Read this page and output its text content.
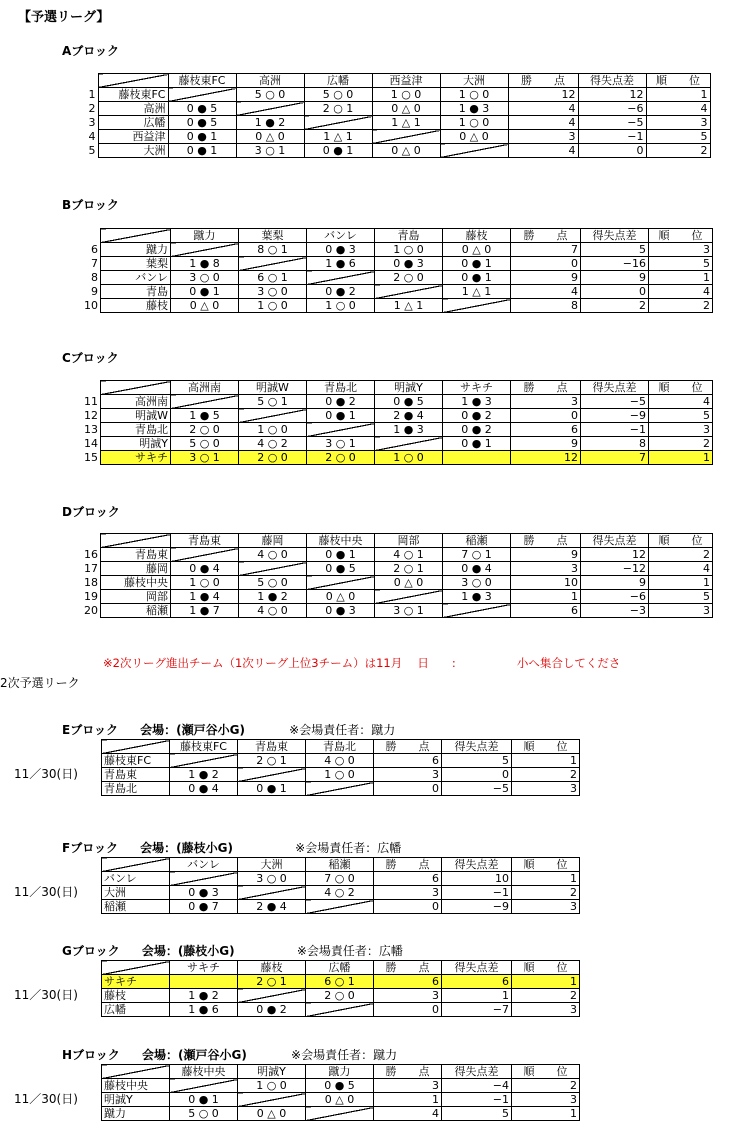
【予選リーグ】
Aブロック
Bブロック
Cブロック
Dブロック
		藤枝東FC	高洲	広幡	西益津	大洲	勝　　点	得失点差	順　　位
1	藤枝東FC		5 ○ 0	5 ○ 0	1 ○ 0	1 ○ 0	12	12	1
2	高洲	0 ● 5		2 ○ 1	0 △ 0	1 ● 3	4	−6	4
3	広幡	0 ● 5	1 ● 2		1 △ 1	1 ○ 0	4	−5	3
4	西益津	0 ● 1	0 △ 0	1 △ 1		0 △ 0	3	−1	5
5	大洲	0 ● 1	3 ○ 1	0 ● 1	0 △ 0		4	0	2
		蹴力	葉梨	バンレ	青島	藤枝	勝　　点	得失点差	順　　位
6	蹴力		8 ○ 1	0 ● 3	1 ○ 0	0 △ 0	7	5	3
7	葉梨	1 ● 8		1 ● 6	0 ● 3	0 ● 1	0	−16	5
8	バンレ	3 ○ 0	6 ○ 1		2 ○ 0	0 ● 1	9	9	1
9	青島	0 ● 1	3 ○ 0	0 ● 2		1 △ 1	4	0	4
10	藤枝	0 △ 0	1 ○ 0	1 ○ 0	1 △ 1		8	2	2
		高洲南	明誠W	青島北	明誠Y	サキチ	勝　　点	得失点差	順　　位
11	高洲南		5 ○ 1	0 ● 2	0 ● 5	1 ● 3	3	−5	4
12	明誠W	1 ● 5		0 ● 1	2 ● 4	0 ● 2	0	−9	5
13	青島北	2 ○ 0	1 ○ 0		1 ● 3	0 ● 2	6	−1	3
14	明誠Y	5 ○ 0	4 ○ 2	3 ○ 1		0 ● 1	9	8	2
15	サキチ	3 ○ 1	2 ○ 0	2 ○ 0	1 ○ 0		12	7	1
		青島東	藤岡	藤枝中央	岡部	稲瀬	勝　　点	得失点差	順　　位
16	青島東		4 ○ 0	0 ● 1	4 ○ 1	7 ○ 1	9	12	2
17	藤岡	0 ● 4		0 ● 5	2 ○ 1	0 ● 4	3	−12	4
18	藤枝中央	1 ○ 0	5 ○ 0		0 △ 0	3 ○ 0	10	9	1
19	岡部	1 ● 4	1 ● 2	0 △ 0		1 ● 3	1	−6	5
20	稲瀬	1 ● 7	4 ○ 0	0 ● 3	3 ○ 1		6	−3	3
※2次リーグ進出チーム（1次リーグ上位3チーム）は11月　 日　　:　　　　　 小へ集合してくださ
2次予選リーク
Eブロック 会場：(瀬戸谷小G)	※会場責任者：蹴力
Fブロック 会場：(藤枝小G)	※会場責任者：広幡
Gブロック 会場：(藤枝小G)	※会場責任者：広幡
Hブロック 会場：(瀬戸谷小G)	※会場責任者：蹴力
11／30(日)
11／30(日)
11／30(日)
11／30(日)
	藤枝東FC	青島東	青島北	勝　　点	得失点差	順　　位
藤枝東FC		2 ○ 1	4 ○ 0	6	5	1
青島東	1 ● 2		1 ○ 0	3	0	2
青島北	0 ● 4	0 ● 1		0	−5	3
	バンレ	大洲	稲瀬	勝　　点	得失点差	順　　位
バンレ		3 ○ 0	7 ○ 0	6	10	1
大洲	0 ● 3		4 ○ 2	3	−1	2
稲瀬	0 ● 7	2 ● 4		0	−9	3
	サキチ	藤枝	広幡	勝　　点	得失点差	順　　位
サキチ		2 ○ 1	6 ○ 1	6	6	1
藤枝	1 ● 2		2 ○ 0	3	1	2
広幡	1 ● 6	0 ● 2		0	−7	3
	藤枝中央	明誠Y	蹴力	勝　　点	得失点差	順　　位
藤枝中央		1 ○ 0	0 ● 5	3	−4	2
明誠Y	0 ● 1		0 △ 0	1	−1	3
蹴力	5 ○ 0	0 △ 0		4	5	1
